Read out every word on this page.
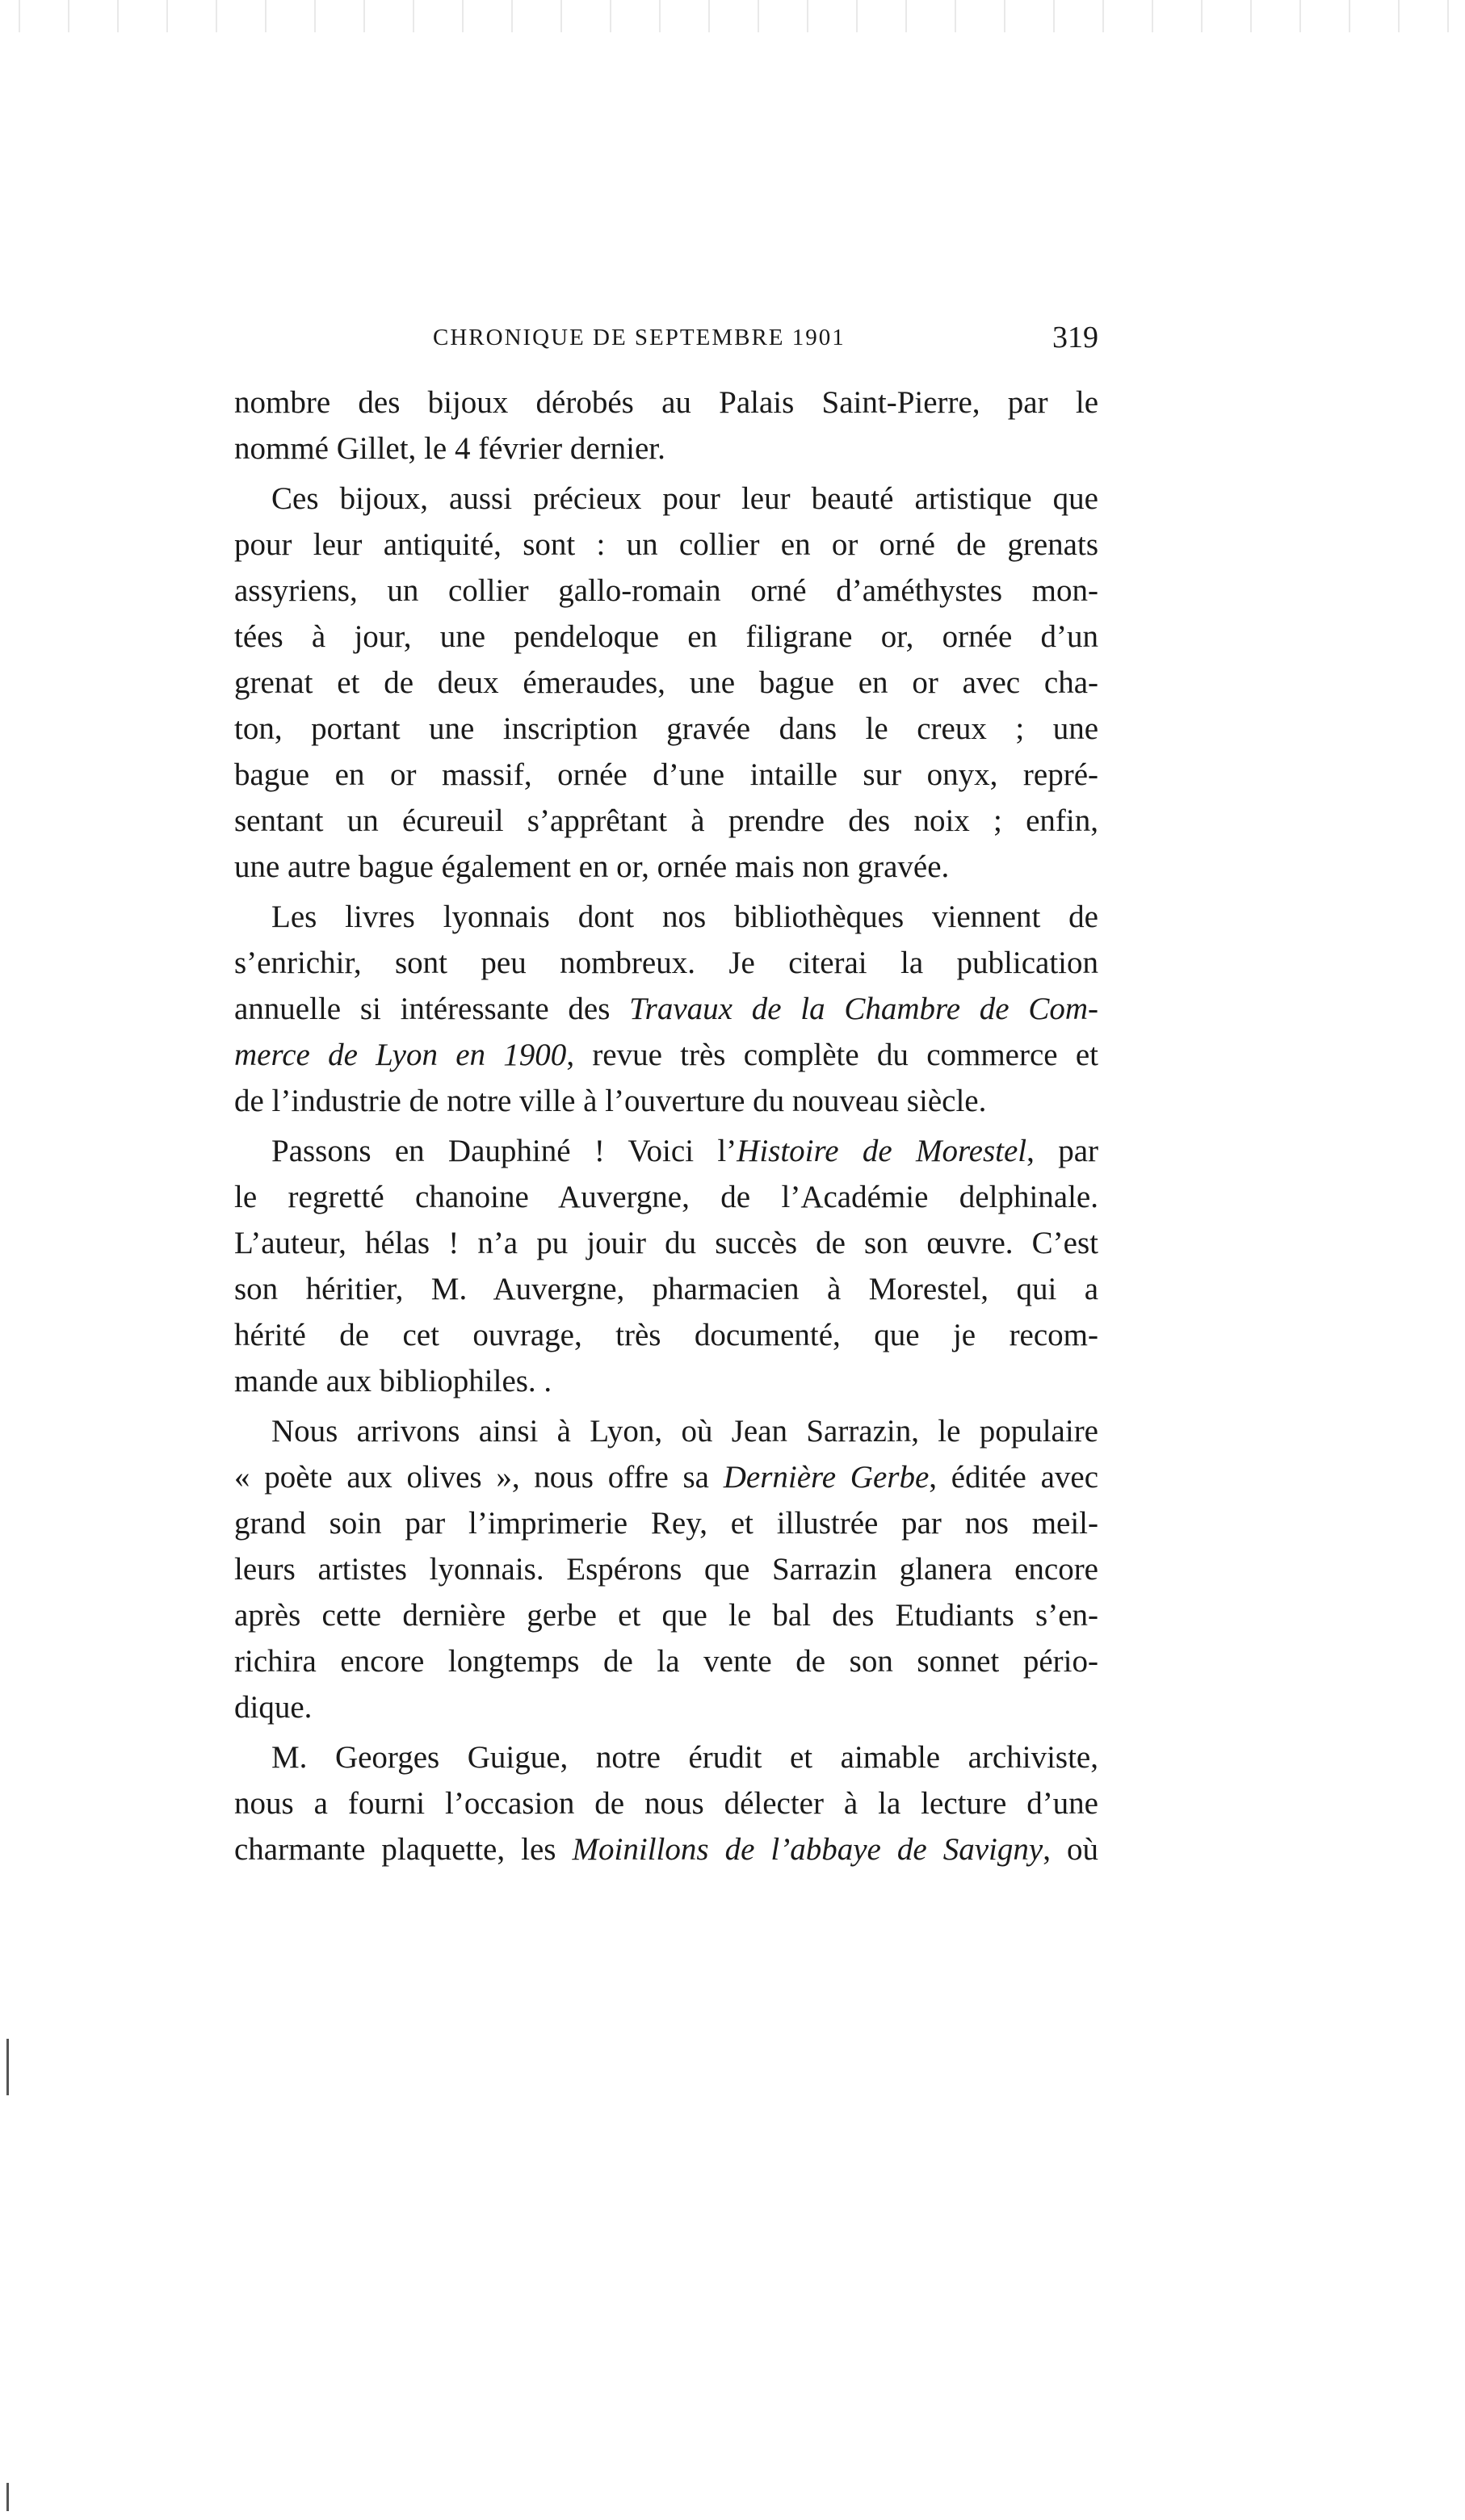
CHRONIQUE DE SEPTEMBRE 1901	319
nombre des bijoux dérobés au Palais Saint-Pierre, par le
nommé Gillet, le 4 février dernier.
Ces bijoux, aussi précieux pour leur beauté artistique que
pour leur antiquité, sont : un collier en or orné de grenats
assyriens, un collier gallo-romain orné d’améthystes mon-
tées à jour, une pendeloque en filigrane or, ornée d’un
grenat et de deux émeraudes, une bague en or avec cha-
ton, portant une inscription gravée dans le creux ; une
bague en or massif, ornée d’une intaille sur onyx, repré-
sentant un écureuil s’apprêtant à prendre des noix ; enfin,
une autre bague également en or, ornée mais non gravée.
Les livres lyonnais dont nos bibliothèques viennent de
s’enrichir, sont peu nombreux. Je citerai la publication
annuelle si intéressante des Travaux de la Chambre de Com-
merce de Lyon en 1900, revue très complète du commerce et
de l’industrie de notre ville à l’ouverture du nouveau siècle.
Passons en Dauphiné ! Voici l’Histoire de Morestel, par
le regretté chanoine Auvergne, de l’Académie delphinale.
L’auteur, hélas ! n’a pu jouir du succès de son œuvre. C’est
son héritier, M. Auvergne, pharmacien à Morestel, qui a
hérité de cet ouvrage, très documenté, que je recom-
mande aux bibliophiles. .
Nous arrivons ainsi à Lyon, où Jean Sarrazin, le populaire
« poète aux olives », nous offre sa Dernière Gerbe, éditée avec
grand soin par l’imprimerie Rey, et illustrée par nos meil-
leurs artistes lyonnais. Espérons que Sarrazin glanera encore
après cette dernière gerbe et que le bal des Etudiants s’en-
richira encore longtemps de la vente de son sonnet pério-
dique.
M. Georges Guigue, notre érudit et aimable archiviste,
nous a fourni l’occasion de nous délecter à la lecture d’une
charmante plaquette, les Moinillons de l’abbaye de Savigny, où
